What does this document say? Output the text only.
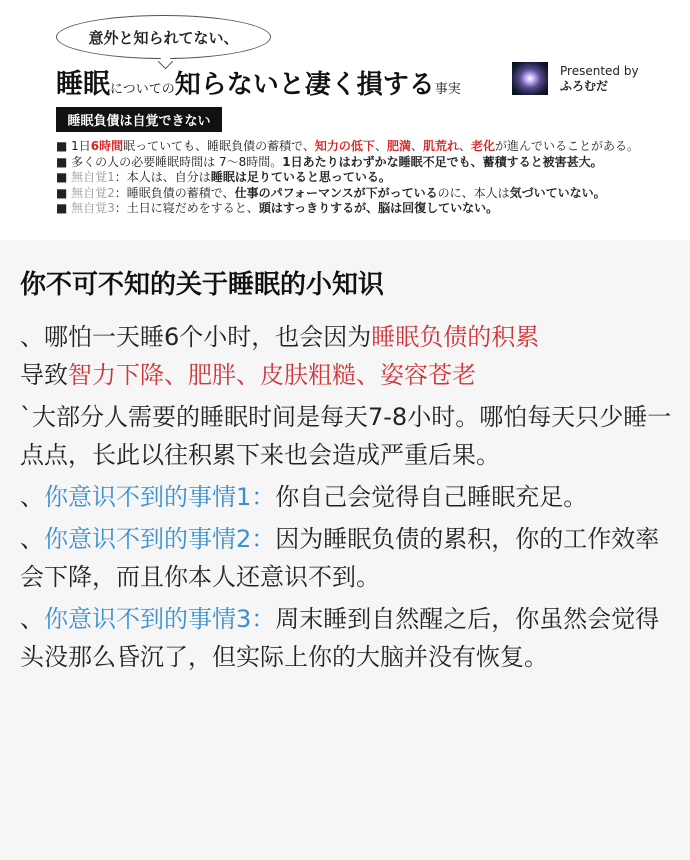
意外と知られてない、
睡眠についての知らないと凄く損する事実
Presented by
ふろむだ
睡眠負債は自覚できない

■ 1日6時間眠っていても、睡眠負債の蓄積で、知力の低下、肥満、肌荒れ、老化が進んでいることがある。

■ 多くの人の必要睡眠時間は 7～8時間。1日あたりはわずかな睡眠不足でも、蓄積すると被害甚大。

■ 無自覚1：本人は、自分は睡眠は足りていると思っている。

■ 無自覚2：睡眠負債の蓄積で、仕事のパフォーマンスが下がっているのに、本人は気づいていない。

■ 無自覚3：土日に寝だめをすると、頭はすっきりするが、脳は回復していない。

你不可不知的关于睡眠的小知识

、哪怕一天睡6个小时，也会因为睡眠负债的积累
导致智力下降、肥胖、皮肤粗糙、姿容苍老

`大部分人需要的睡眠时间是每天7-8小时。哪怕每天只少睡一点点，长此以往积累下来也会造成严重后果。

、你意识不到的事情1：你自己会觉得自己睡眠充足。

、你意识不到的事情2：因为睡眠负债的累积，你的工作效率会下降，而且你本人还意识不到。

、你意识不到的事情3：周末睡到自然醒之后，你虽然会觉得头没那么昏沉了，但实际上你的大脑并没有恢复。
